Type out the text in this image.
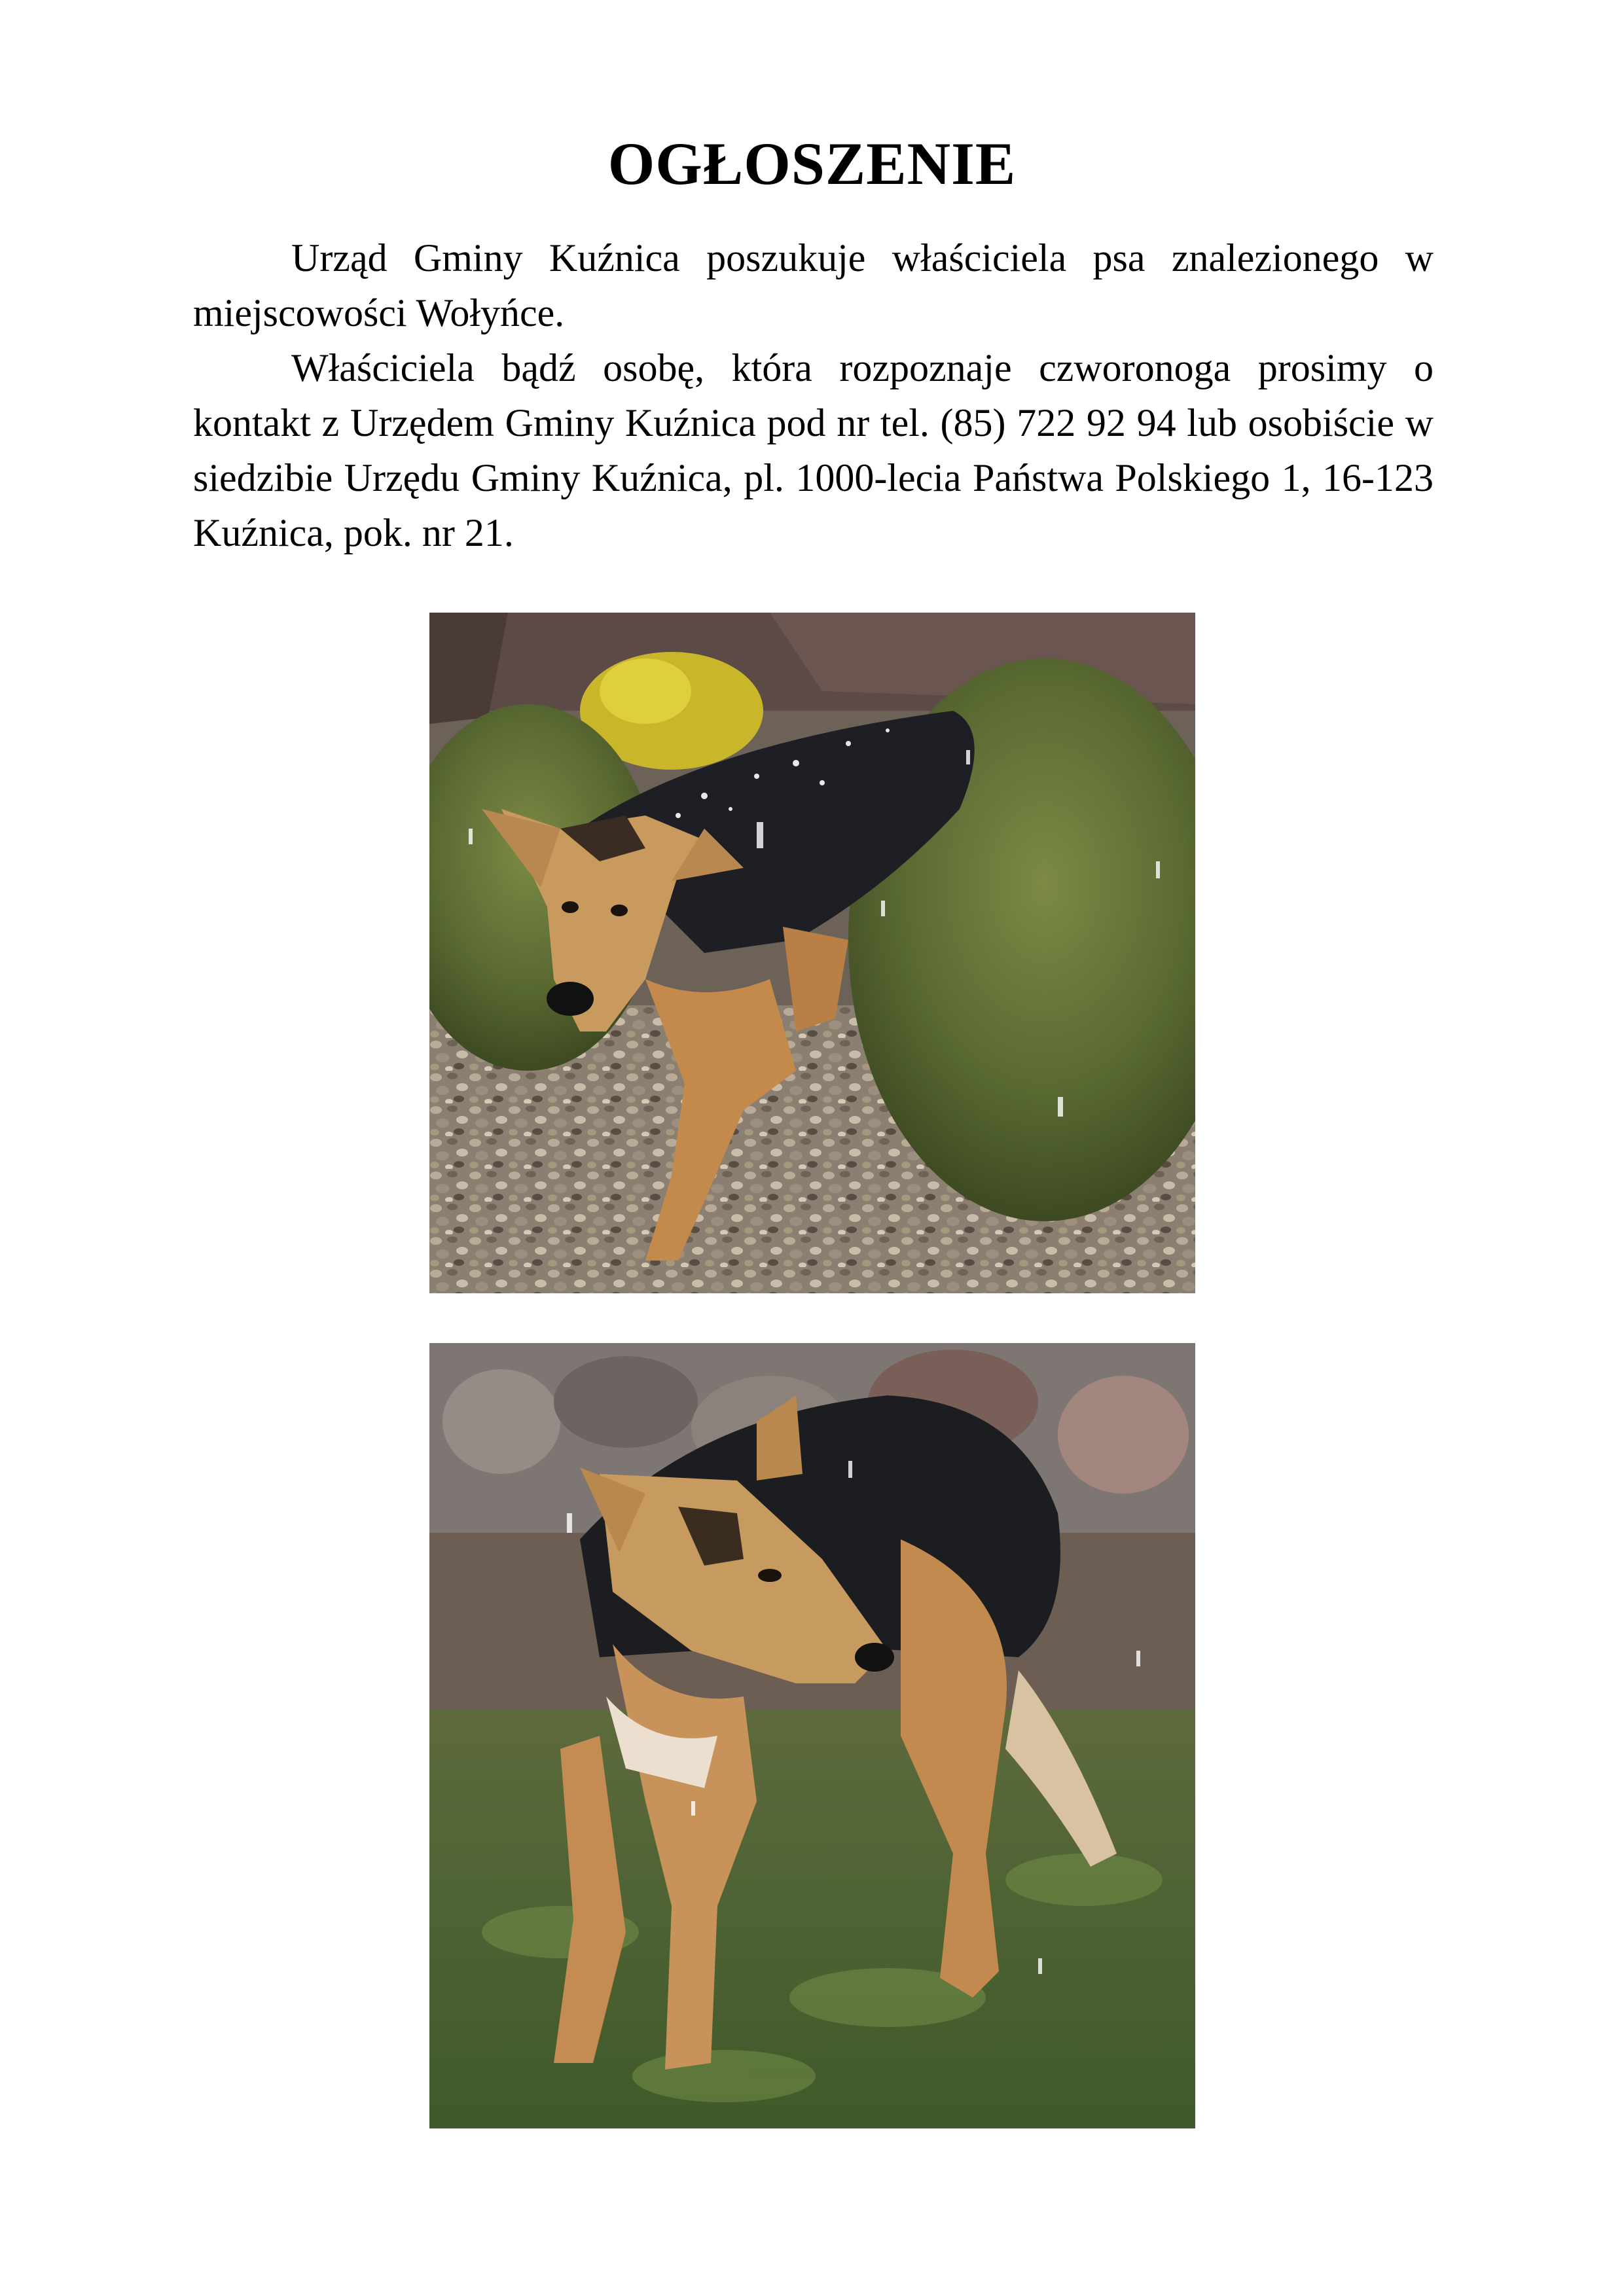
OGŁOSZENIE

Urząd Gminy Kuźnica poszukuje właściciela psa znalezionego w miejscowości Wołyńce.

Właściciela bądź osobę, która rozpoznaje czworonoga prosimy o kontakt z Urzędem Gminy Kuźnica pod nr tel. (85) 722 92 94 lub osobiście w siedzibie Urzędu Gminy Kuźnica, pl. 1000-lecia Państwa Polskiego 1, 16-123 Kuźnica, pok. nr 21.
